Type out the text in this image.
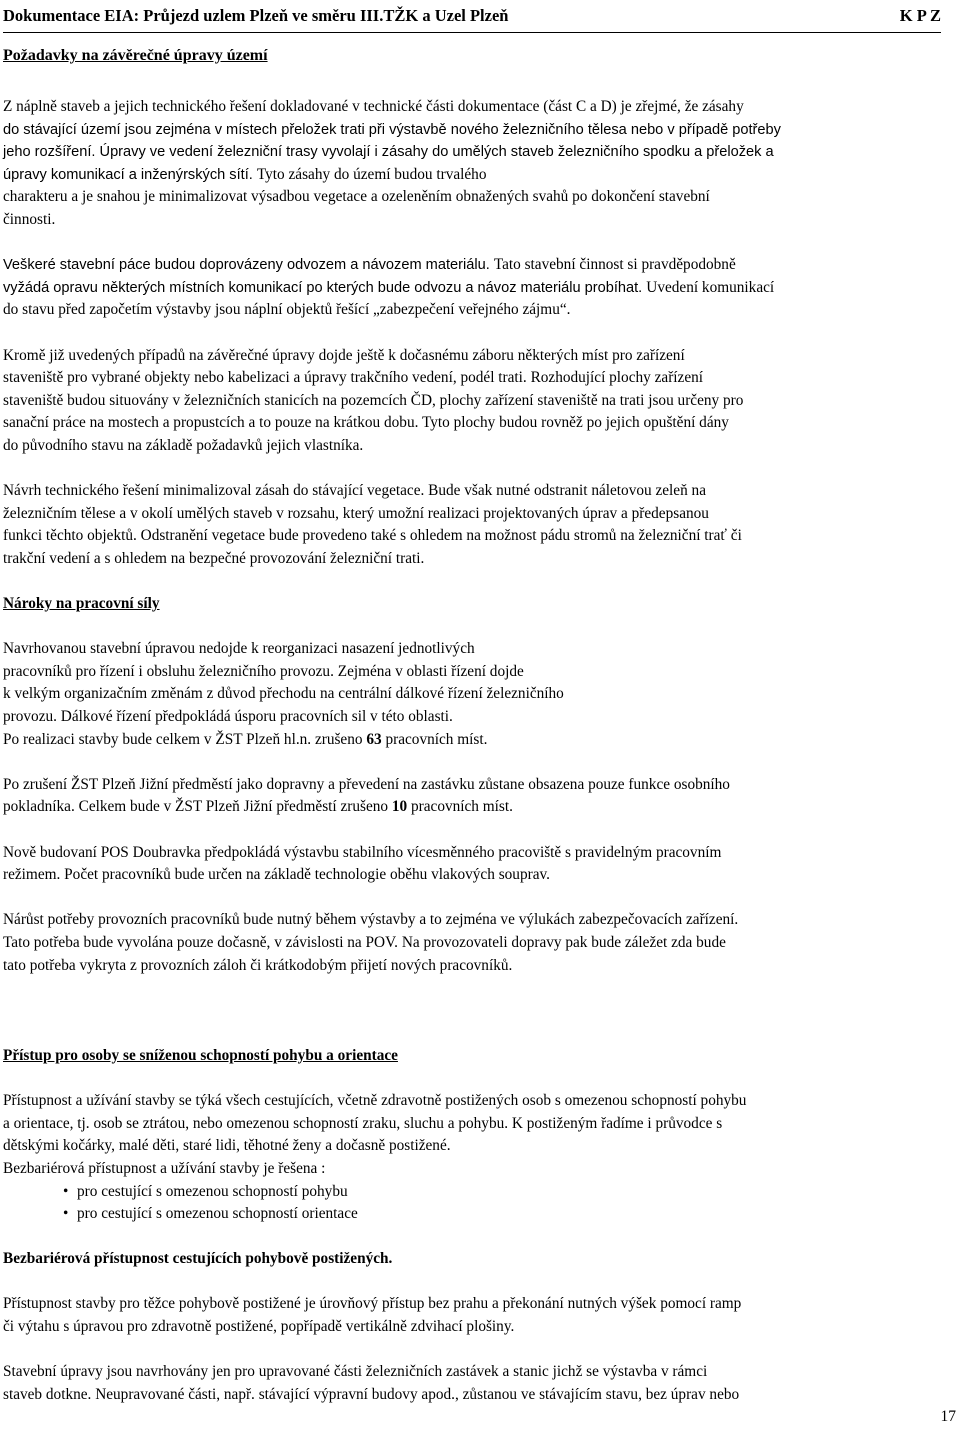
Dokumentace EIA: Průjezd uzlem Plzeň ve směru III.TŽK a Uzel Plzeň	K P Z
Požadavky na závěrečné úpravy území

Z náplně staveb a jejich technického řešení dokladované v technické části dokumentace (část C a D) je zřejmé, že zásahy

do stávající území jsou zejména v místech přeložek trati při výstavbě nového železničního tělesa nebo v případě potřeby

jeho rozšíření. Úpravy ve vedení železniční trasy vyvolají i zásahy do umělých staveb železničního spodku a přeložek a

úpravy komunikací a inženýrských sítí. Tyto zásahy do území budou trvalého

charakteru a je snahou je minimalizovat výsadbou vegetace a ozeleněním obnažených svahů po dokončení stavební

činnosti.

Veškeré stavební páce budou doprovázeny odvozem a návozem materiálu. Tato stavební činnost si pravděpodobně

vyžádá opravu některých místních komunikací po kterých bude odvozu a návoz materiálu probíhat. Uvedení komunikací

do stavu před započetím výstavby jsou náplní objektů řešící „zabezpečení veřejného zájmu“.

Kromě již uvedených případů na závěrečné úpravy dojde ještě k dočasnému záboru některých míst pro zařízení

staveniště pro vybrané objekty nebo kabelizaci a úpravy trakčního vedení, podél trati. Rozhodující plochy zařízení

staveniště budou situovány v železničních stanicích na pozemcích ČD, plochy zařízení staveniště na trati jsou určeny pro

sanační práce na mostech a propustcích a to pouze na krátkou dobu. Tyto plochy budou rovněž po jejich opuštění dány

do původního stavu na základě požadavků jejich vlastníka.

Návrh technického řešení minimalizoval zásah do stávající vegetace. Bude však nutné odstranit náletovou zeleň na

železničním tělese a v okolí umělých staveb v rozsahu, který umožní realizaci projektovaných úprav a předepsanou

funkci těchto objektů. Odstranění vegetace bude provedeno také s ohledem na možnost pádu stromů na železniční trať či

trakční vedení a s ohledem na bezpečné provozování železniční trati.

Nároky na pracovní síly

Navrhovanou stavební úpravou nedojde k reorganizaci nasazení jednotlivých

pracovníků pro řízení i obsluhu železničního provozu. Zejména v oblasti řízení dojde

k velkým organizačním změnám z důvod přechodu na centrální dálkové řízení železničního

provozu. Dálkové řízení předpokládá úsporu pracovních sil v této oblasti.

Po realizaci stavby bude celkem v ŽST Plzeň hl.n. zrušeno 63 pracovních míst.

Po zrušení ŽST Plzeň Jižní předměstí jako dopravny a převedení na zastávku zůstane obsazena pouze funkce osobního

pokladníka. Celkem bude v ŽST Plzeň Jižní předměstí zrušeno 10 pracovních míst.

Nově budovaní POS Doubravka předpokládá výstavbu stabilního vícesměnného pracoviště s pravidelným pracovním

režimem. Počet pracovníků bude určen na základě technologie oběhu vlakových souprav.

Nárůst potřeby provozních pracovníků bude nutný během výstavby a to zejména ve výlukách zabezpečovacích zařízení.

Tato potřeba bude vyvolána pouze dočasně, v závislosti na POV. Na provozovateli dopravy pak bude záležet zda bude

tato potřeba vykryta z provozních záloh či krátkodobým přijetí nových pracovníků.

Přístup pro osoby se sníženou schopností pohybu a orientace

Přístupnost a užívání stavby se týká všech cestujících, včetně zdravotně postižených osob s omezenou schopností pohybu

a orientace, tj. osob se ztrátou, nebo omezenou schopností zraku, sluchu a pohybu. K postiženým řadíme i průvodce s

dětskými kočárky, malé děti, staré lidi, těhotné ženy a dočasně postižené.

Bezbariérová přístupnost a užívání stavby je řešena :

• pro cestující s omezenou schopností pohybu
• pro cestující s omezenou schopností orientace
Bezbariérová přístupnost cestujících pohybově postižených.

Přístupnost stavby pro těžce pohybově postižené je úrovňový přístup bez prahu a překonání nutných výšek pomocí ramp

či výtahu s úpravou pro zdravotně postižené, popřípadě vertikálně zdvihací plošiny.

Stavební úpravy jsou navrhovány jen pro upravované části železničních zastávek a stanic jichž se výstavba v rámci

staveb dotkne. Neupravované části, např. stávající výpravní budovy apod., zůstanou ve stávajícím stavu, bez úprav nebo

17
